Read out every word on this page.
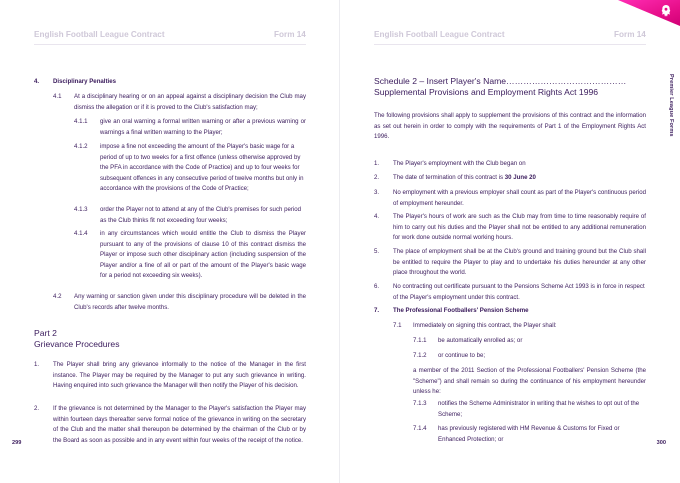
English Football League Contract	Form 14
4. Disciplinary Penalties
4.1 At a disciplinary hearing or on an appeal against a disciplinary decision the Club may dismiss the allegation or if it is proved to the Club's satisfaction may;
4.1.1 give an oral warning a formal written warning or after a previous warning or warnings a final written warning to the Player;
4.1.2 impose a fine not exceeding the amount of the Player's basic wage for a period of up to two weeks for a first offence (unless otherwise approved by the PFA in accordance with the Code of Practice) and up to four weeks for subsequent offences in any consecutive period of twelve months but only in accordance with the provisions of the Code of Practice;
4.1.3 order the Player not to attend at any of the Club's premises for such period as the Club thinks fit not exceeding four weeks;
4.1.4 in any circumstances which would entitle the Club to dismiss the Player pursuant to any of the provisions of clause 10 of this contract dismiss the Player or impose such other disciplinary action (including suspension of the Player and/or a fine of all or part of the amount of the Player's basic wage for a period not exceeding six weeks).
4.2 Any warning or sanction given under this disciplinary procedure will be deleted in the Club's records after twelve months.
Part 2
Grievance Procedures
1. The Player shall bring any grievance informally to the notice of the Manager in the first instance. The Player may be required by the Manager to put any such grievance in writing. Having enquired into such grievance the Manager will then notify the Player of his decision.
2. If the grievance is not determined by the Manager to the Player's satisfaction the Player may within fourteen days thereafter serve formal notice of the grievance in writing on the secretary of the Club and the matter shall thereupon be determined by the chairman of the Club or by the Board as soon as possible and in any event within four weeks of the receipt of the notice.
299
English Football League Contract	Form 14
Premier League Forms
Schedule 2 – Insert Player's Name……………………………………
Supplemental Provisions and Employment Rights Act 1996
The following provisions shall apply to supplement the provisions of this contract and the information as set out herein in order to comply with the requirements of Part 1 of the Employment Rights Act 1996.
1. The Player's employment with the Club began on
2. The date of termination of this contract is 30 June 20
3. No employment with a previous employer shall count as part of the Player's continuous period of employment hereunder.
4. The Player's hours of work are such as the Club may from time to time reasonably require of him to carry out his duties and the Player shall not be entitled to any additional remuneration for work done outside normal working hours.
5. The place of employment shall be at the Club's ground and training ground but the Club shall be entitled to require the Player to play and to undertake his duties hereunder at any other place throughout the world.
6. No contracting out certificate pursuant to the Pensions Scheme Act 1993 is in force in respect of the Player's employment under this contract.
7. The Professional Footballers' Pension Scheme
7.1 Immediately on signing this contract, the Player shall:
7.1.1 be automatically enrolled as; or
7.1.2 or continue to be;
a member of the 2011 Section of the Professional Footballers' Pension Scheme (the "Scheme") and shall remain so during the continuance of his employment hereunder unless he:
7.1.3 notifies the Scheme Administrator in writing that he wishes to opt out of the Scheme;
7.1.4 has previously registered with HM Revenue & Customs for Fixed or Enhanced Protection; or
300
